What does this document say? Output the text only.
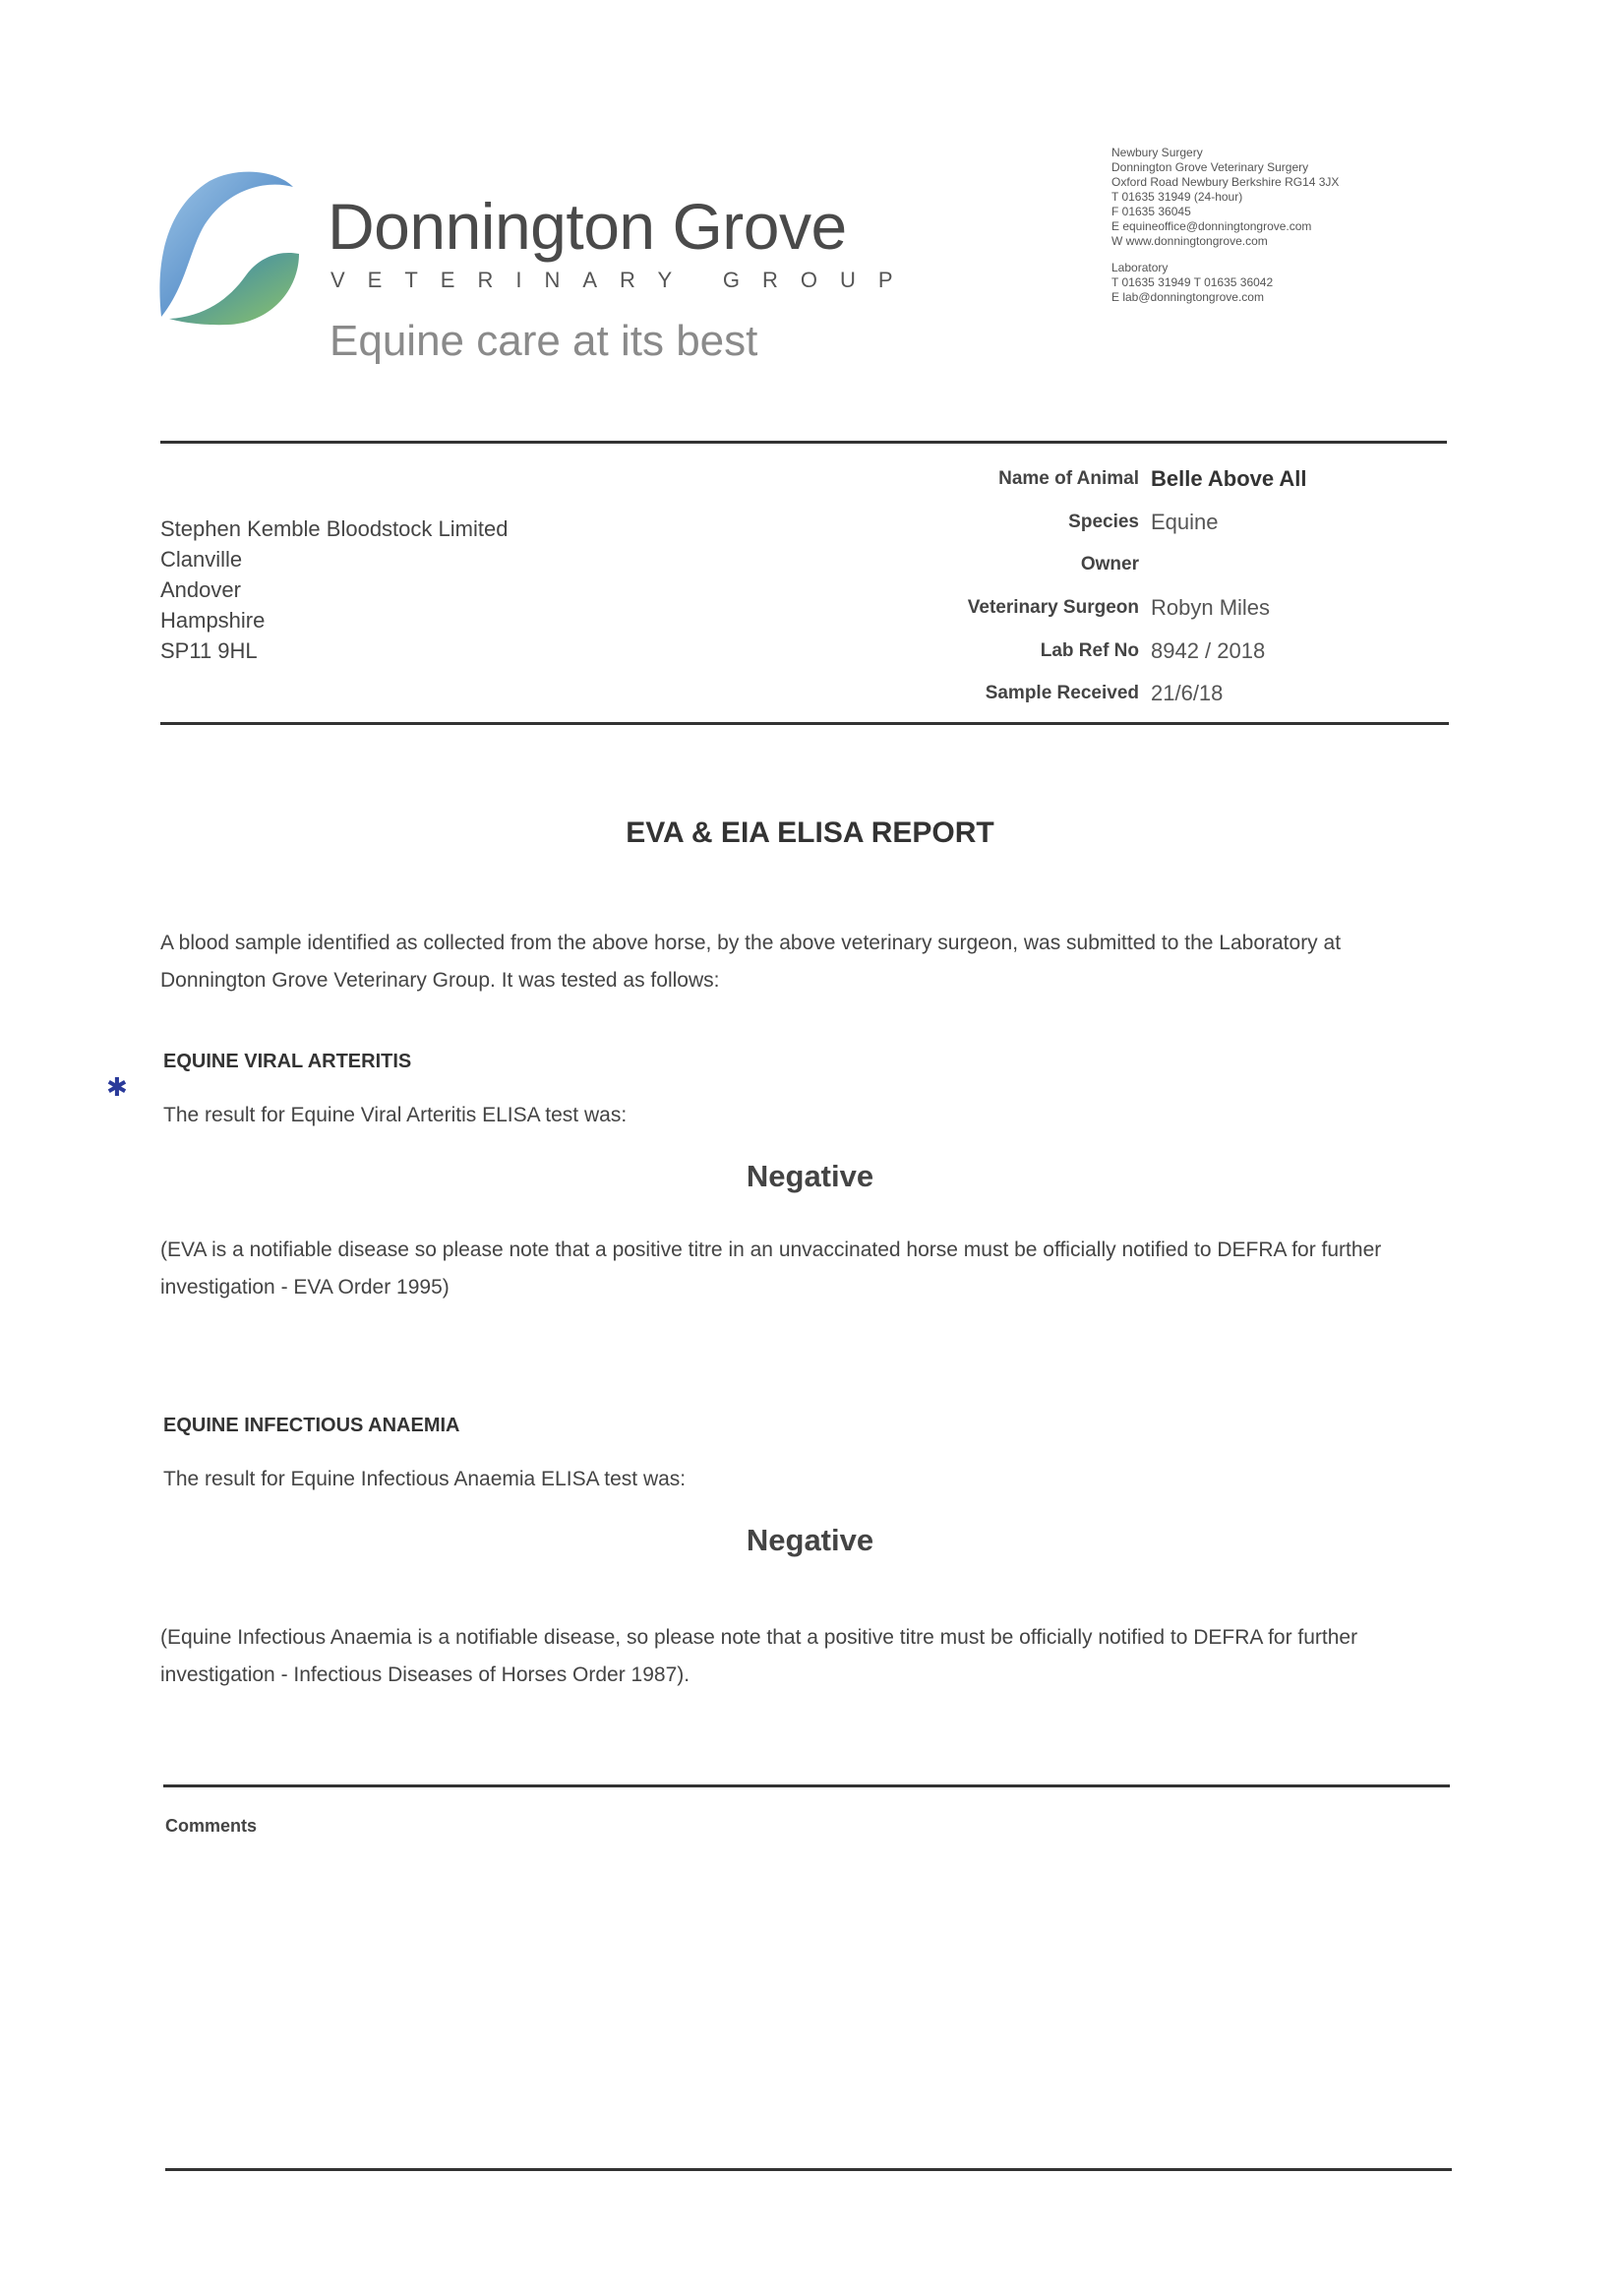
Donnington Grove
VETERINARY GROUP
Equine care at its best
Newbury Surgery
Donnington Grove Veterinary Surgery
Oxford Road Newbury Berkshire RG14 3JX
T 01635 31949 (24-hour)
F 01635 36045
E equineoffice@donningtongrove.com
W www.donningtongrove.com
Laboratory
T 01635 31949 T 01635 36042
E lab@donningtongrove.com
Stephen Kemble Bloodstock Limited
Clanville
Andover
Hampshire
SP11 9HL
Name of Animal Belle Above All
Species Equine
Owner
Veterinary Surgeon Robyn Miles
Lab Ref No 8942 / 2018
Sample Received 21/6/18
EVA & EIA ELISA REPORT
A blood sample identified as collected from the above horse, by the above veterinary surgeon, was submitted to the Laboratory at Donnington Grove Veterinary Group. It was tested as follows:
EQUINE VIRAL ARTERITIS
✱
The result for Equine Viral Arteritis ELISA test was:
Negative
(EVA is a notifiable disease so please note that a positive titre in an unvaccinated horse must be officially notified to DEFRA for further investigation - EVA Order 1995)
EQUINE INFECTIOUS ANAEMIA
The result for Equine Infectious Anaemia ELISA test was:
Negative
(Equine Infectious Anaemia is a notifiable disease, so please note that a positive titre must be officially notified to DEFRA for further investigation - Infectious Diseases of Horses Order 1987).
Comments
